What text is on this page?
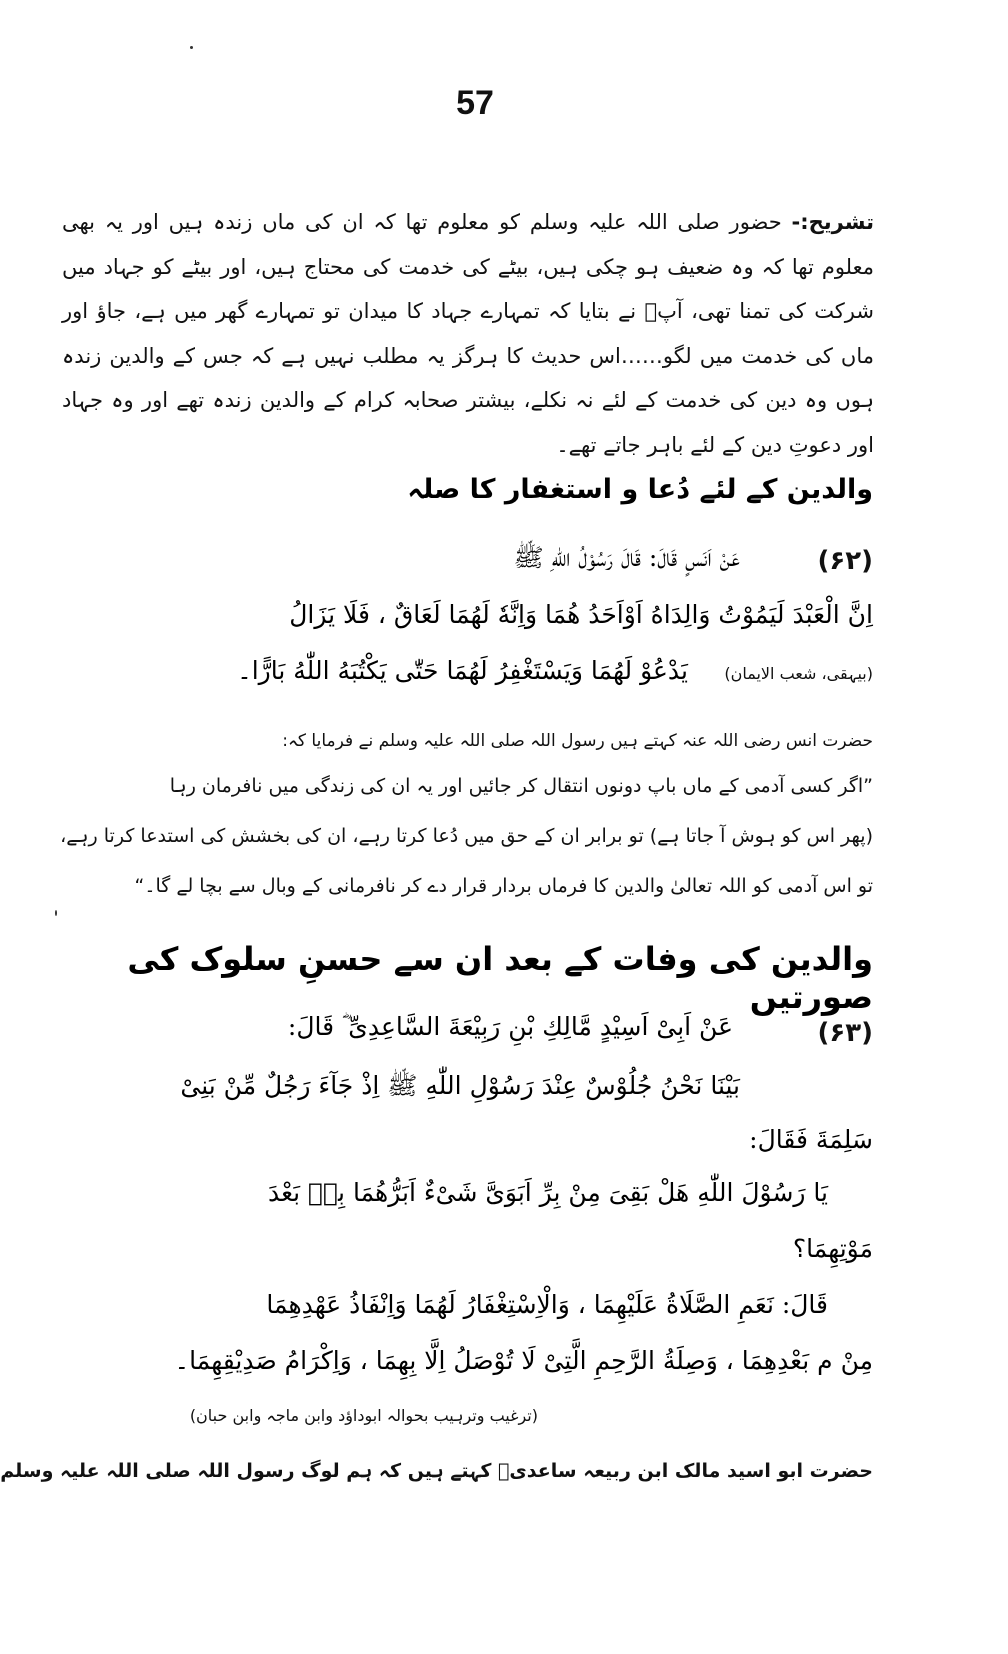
57
تشریح:- حضور صلی اللہ علیہ وسلم کو معلوم تھا کہ ان کی ماں زندہ ہیں اور یہ بھی معلوم تھا کہ وہ ضعیف ہو چکی ہیں، بیٹے کی خدمت کی محتاج ہیں، اور بیٹے کو جہاد میں شرکت کی تمنا تھی، آپؐ نے بتایا کہ تمہارے جہاد کا میدان تو تمہارے گھر میں ہے، جاؤ اور ماں کی خدمت میں لگو……اس حدیث کا ہرگز یہ مطلب نہیں ہے کہ جس کے والدین زندہ ہوں وہ دین کی خدمت کے لئے نہ نکلے، بیشتر صحابہ کرام کے والدین زندہ تھے اور وہ جہاد اور دعوتِ دین کے لئے باہر جاتے تھے۔
والدین کے لئے دُعا و استغفار کا صلہ
(۶۲)
عَنْ اَنَسٍ قَالَ: قَالَ رَسُوْلُ اللّٰهِ ﷺ
اِنَّ الْعَبْدَ لَيَمُوْتُ وَالِدَاهُ اَوْاَحَدُ هُمَا وَاِنَّهٗ لَهُمَا لَعَاقٌ ، فَلَا يَزَالُ
يَدْعُوْ لَهُمَا وَيَسْتَغْفِرُ لَهُمَا حَتّٰى يَكْتُبَهُ اللّٰهُ بَارًّا۔ (بیہقی، شعب الایمان)
حضرت انس رضی اللہ عنہ کہتے ہیں رسول اللہ صلی اللہ علیہ وسلم نے فرمایا کہ:
”اگر کسی آدمی کے ماں باپ دونوں انتقال کر جائیں اور یہ ان کی زندگی میں نافرمان رہا
(پھر اس کو ہوش آ جاتا ہے) تو برابر ان کے حق میں دُعا کرتا رہے، ان کی بخشش کی استدعا کرتا رہے،
تو اس آدمی کو اللہ تعالیٰ والدین کا فرماں بردار قرار دے کر نافرمانی کے وبال سے بچا لے گا۔“
والدین کی وفات کے بعد ان سے حسنِ سلوک کی صورتیں
(۶۳)
عَنْ اَبِیْ اَسِیْدٍ مَّالِكِ بْنِ رَبِيْعَةَ السَّاعِدِیِّ ؓ قَالَ:
بَيْنَا نَحْنُ جُلُوْسٌ عِنْدَ رَسُوْلِ اللّٰهِ ﷺ اِذْ جَآءَ رَجُلٌ مِّنْ بَنِیْ
سَلِمَةَ فَقَالَ:
يَا رَسُوْلَ اللّٰهِ هَلْ بَقِیَ مِنْ بِرِّ اَبَوَیَّ شَیْءٌ اَبَرُّهُمَا بِهٖ بَعْدَ
مَوْتِهِمَا؟
قَالَ: نَعَمِ الصَّلَاةُ عَلَيْهِمَا ، وَالْاِسْتِغْفَارُ لَهُمَا وَاِنْفَاذُ عَهْدِهِمَا
مِنْ م بَعْدِهِمَا ، وَصِلَةُ الرَّحِمِ الَّتِیْ لَا تُوْصَلُ اِلَّا بِهِمَا ، وَاِكْرَامُ صَدِيْقِهِمَا۔
(ترغیب وترہیب بحوالہ ابوداؤد وابن ماجہ وابن حبان)
حضرت ابو اسید مالک ابن ربیعہ ساعدیؓ کہتے ہیں کہ ہم لوگ رسول اللہ صلی اللہ علیہ وسلم
